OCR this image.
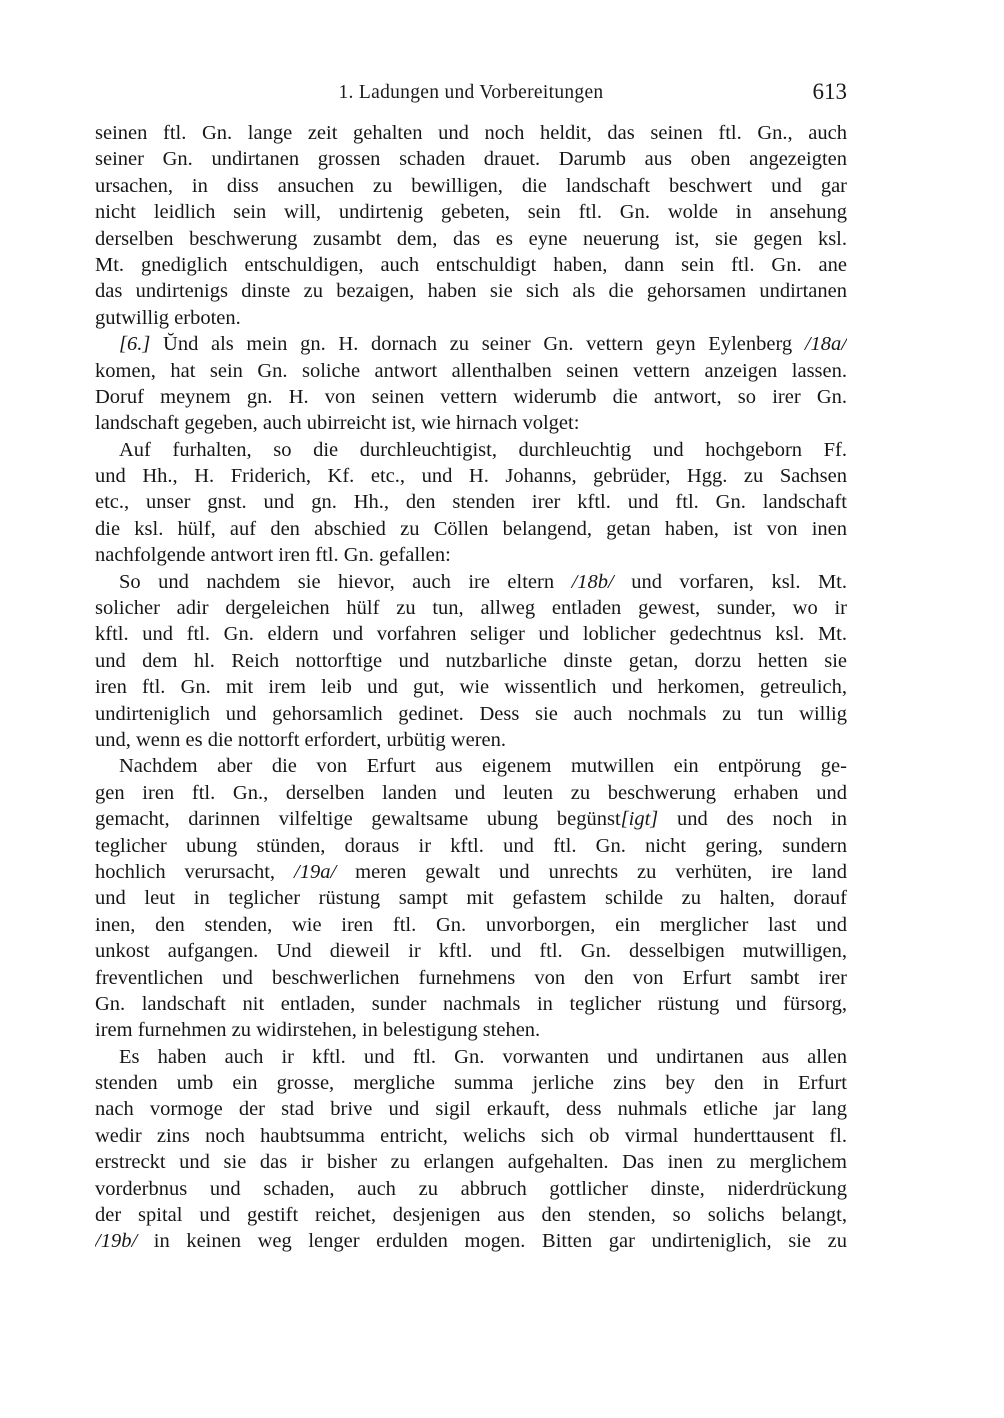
1. Ladungen und Vorbereitungen	613
seinen ftl. Gn. lange zeit gehalten und noch heldit, das seinen ftl. Gn., auch
seiner Gn. undirtanen grossen schaden drauet. Darumb aus oben angezeigten
ursachen, in diss ansuchen zu bewilligen, die landschaft beschwert und gar
nicht leidlich sein will, undirtenig gebeten, sein ftl. Gn. wolde in ansehung
derselben beschwerung zusambt dem, das es eyne neuerung ist, sie gegen ksl.
Mt. gnediglich entschuldigen, auch entschuldigt haben, dann sein ftl. Gn. ane
das undirtenigs dinste zu bezaigen, haben sie sich als die gehorsamen undirtanen
gutwillig erboten.
[6.] Ŭnd als mein gn. H. dornach zu seiner Gn. vettern geyn Eylenberg /18a/
komen, hat sein Gn. soliche antwort allenthalben seinen vettern anzeigen lassen.
Doruf meynem gn. H. von seinen vettern widerumb die antwort, so irer Gn.
landschaft gegeben, auch ubirreicht ist, wie hirnach volget:
Auf furhalten, so die durchleuchtigist, durchleuchtig und hochgeborn Ff.
und Hh., H. Friderich, Kf. etc., und H. Johanns, gebrüder, Hgg. zu Sachsen
etc., unser gnst. und gn. Hh., den stenden irer kftl. und ftl. Gn. landschaft
die ksl. hülf, auf den abschied zu Cöllen belangend, getan haben, ist von inen
nachfolgende antwort iren ftl. Gn. gefallen:
So und nachdem sie hievor, auch ire eltern /18b/ und vorfaren, ksl. Mt.
solicher adir dergeleichen hülf zu tun, allweg entladen gewest, sunder, wo ir
kftl. und ftl. Gn. eldern und vorfahren seliger und loblicher gedechtnus ksl. Mt.
und dem hl. Reich nottorftige und nutzbarliche dinste getan, dorzu hetten sie
iren ftl. Gn. mit irem leib und gut, wie wissentlich und herkomen, getreulich,
undirteniglich und gehorsamlich gedinet. Dess sie auch nochmals zu tun willig
und, wenn es die nottorft erfordert, urbütig weren.
Nachdem aber die von Erfurt aus eigenem mutwillen ein entpörung ge-
gen iren ftl. Gn., derselben landen und leuten zu beschwerung erhaben und
gemacht, darinnen vilfeltige gewaltsame ubung begünst[igt] und des noch in
teglicher ubung stünden, doraus ir kftl. und ftl. Gn. nicht gering, sundern
hochlich verursacht, /19a/ meren gewalt und unrechts zu verhüten, ire land
und leut in teglicher rüstung sampt mit gefastem schilde zu halten, dorauf
inen, den stenden, wie iren ftl. Gn. unvorborgen, ein merglicher last und
unkost aufgangen. Und dieweil ir kftl. und ftl. Gn. desselbigen mutwilligen,
freventlichen und beschwerlichen furnehmens von den von Erfurt sambt irer
Gn. landschaft nit entladen, sunder nachmals in teglicher rüstung und fürsorg,
irem furnehmen zu widirstehen, in belestigung stehen.
Es haben auch ir kftl. und ftl. Gn. vorwanten und undirtanen aus allen
stenden umb ein grosse, mergliche summa jerliche zins bey den in Erfurt
nach vormoge der stad brive und sigil erkauft, dess nuhmals etliche jar lang
wedir zins noch haubtsumma entricht, welichs sich ob virmal hunderttausent fl.
erstreckt und sie das ir bisher zu erlangen aufgehalten. Das inen zu merglichem
vorderbnus und schaden, auch zu abbruch gottlicher dinste, niderdrückung
der spital und gestift reichet, desjenigen aus den stenden, so solichs belangt,
/19b/ in keinen weg lenger erdulden mogen. Bitten gar undirteniglich, sie zu
